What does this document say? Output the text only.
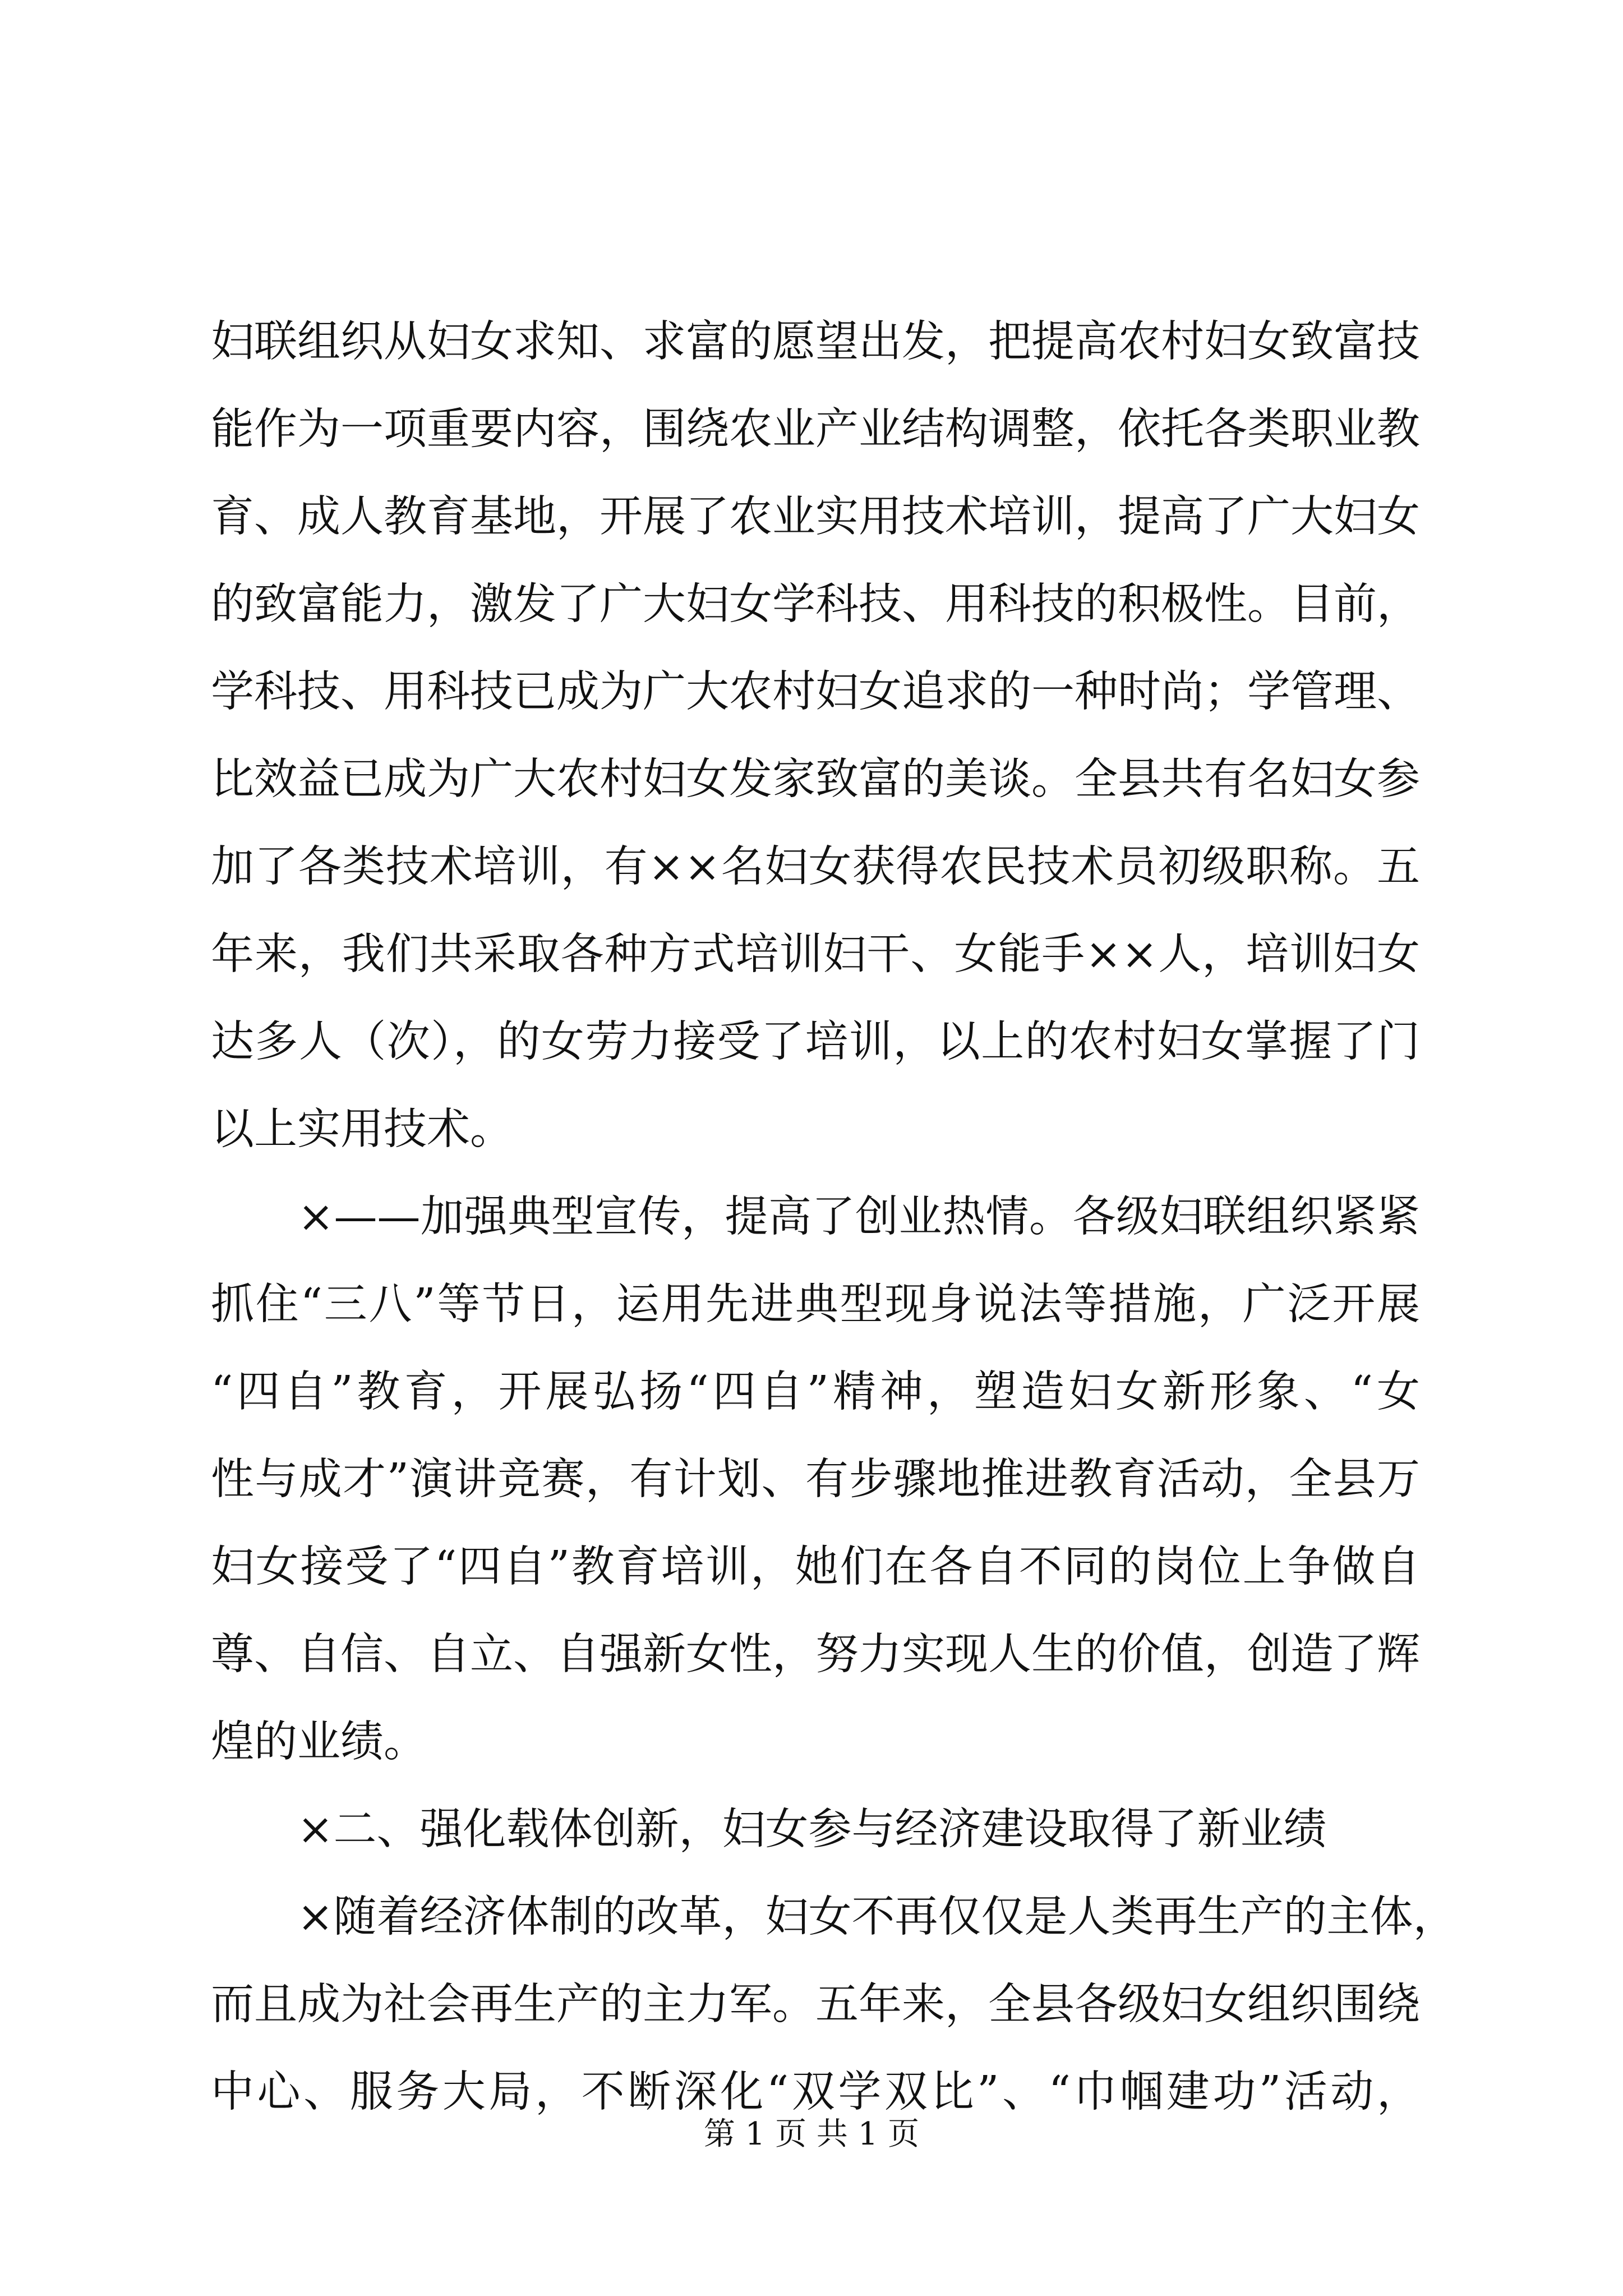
妇联组织从妇女求知、求富的愿望出发，把提高农村妇女致富技
能作为一项重要内容，围绕农业产业结构调整，依托各类职业教
育、成人教育基地，开展了农业实用技术培训，提高了广大妇女
的致富能力，激发了广大妇女学科技、用科技的积极性。目前，
学科技、用科技已成为广大农村妇女追求的一种时尚；学管理、
比效益已成为广大农村妇女发家致富的美谈。全县共有名妇女参
加了各类技术培训，有××名妇女获得农民技术员初级职称。五
年来，我们共采取各种方式培训妇干、女能手××人，培训妇女
达多人（次），的女劳力接受了培训，以上的农村妇女掌握了门
以上实用技术。
　　×——加强典型宣传，提高了创业热情。各级妇联组织紧紧
抓住“三八”等节日，运用先进典型现身说法等措施，广泛开展
“四自”教育，开展弘扬“四自”精神，塑造妇女新形象、“女
性与成才”演讲竞赛，有计划、有步骤地推进教育活动，全县万
妇女接受了“四自”教育培训，她们在各自不同的岗位上争做自
尊、自信、自立、自强新女性，努力实现人生的价值，创造了辉
煌的业绩。
　　×二、强化载体创新，妇女参与经济建设取得了新业绩
　　×随着经济体制的改革，妇女不再仅仅是人类再生产的主体，
而且成为社会再生产的主力军。五年来，全县各级妇女组织围绕
中心、服务大局，不断深化“双学双比”、“巾帼建功”活动，
第 1 页 共 1 页
